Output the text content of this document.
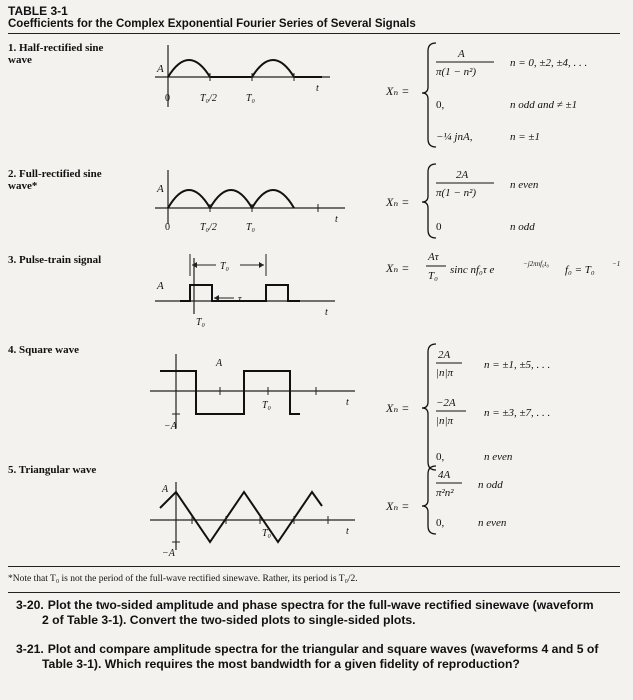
TABLE 3-1
Coefficients for the Complex Exponential Fourier Series of Several Signals
1. Half-rectified sine
wave
A
0	T₀/2	T₀
t	Xₙ =
A
π(1 − n²)
n = 0, ±2, ±4, . . .
0,	n odd and ≠ ±1
−¼ jnA,	n = ±1
2. Full-rectified sine
wave*	A
0	T₀/2	T₀
t
Xₙ =
2A
π(1 − n²)
n even
0	n odd
3. Pulse-train signal
T₀
τ
A
T₀
t
Xₙ =
Aτ
T₀ sinc nf₀τ e	−j2πnf₀t₀ f₀ = T₀ −1
4. Square wave
A
−A
T₀	t	Xₙ =
2A
|n|π
n = ±1, ±5, . . .
−2A
|n|π
n = ±3, ±7, . . .
0,	n even
5. Triangular wave
A
−A
T₀	t
Xₙ =
4A
π²n²
n odd
0,	n even
*Note that T₀ is not the period of the full-wave rectified sinewave. Rather, its period is T₀/2.
3-20. Plot the two-sided amplitude and phase spectra for the full-wave rectified sinewave (waveform
2 of Table 3-1). Convert the two-sided plots to single-sided plots.
3-21. Plot and compare amplitude spectra for the triangular and square waves (waveforms 4 and 5 of
Table 3-1). Which requires the most bandwidth for a given fidelity of reproduction?
